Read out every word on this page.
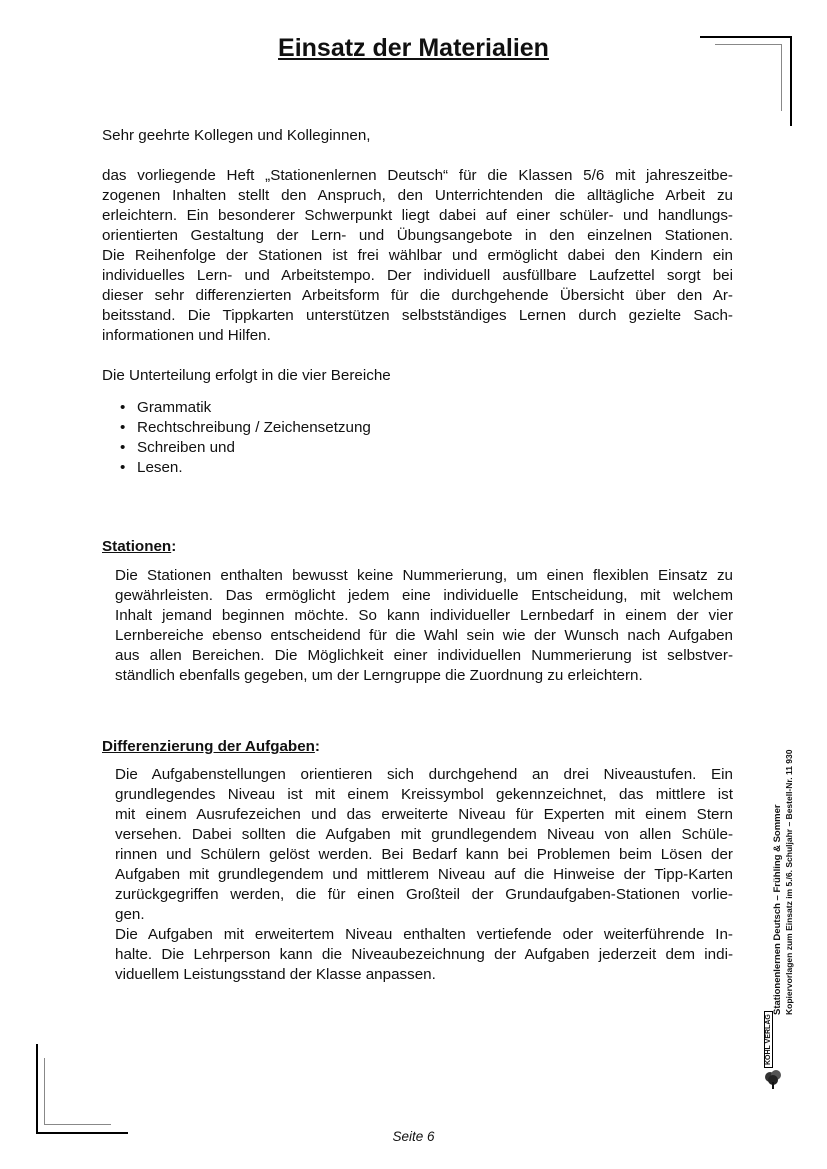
Einsatz der Materialien

Sehr geehrte Kollegen und Kolleginnen,

das vorliegende Heft „Stationenlernen Deutsch“ für die Klassen 5/6 mit jahreszeitbe-
zogenen Inhalten stellt den Anspruch, den Unterrichtenden die alltägliche Arbeit zu
erleichtern. Ein besonderer Schwerpunkt liegt dabei auf einer schüler- und handlungs-
orientierten Gestaltung der Lern- und Übungsangebote in den einzelnen Stationen.
Die Reihenfolge der Stationen ist frei wählbar und ermöglicht dabei den Kindern ein
individuelles Lern- und Arbeitstempo. Der individuell ausfüllbare Laufzettel sorgt bei
dieser sehr differenzierten Arbeitsform für die durchgehende Übersicht über den Ar-
beitsstand. Die Tippkarten unterstützen selbstständiges Lernen durch gezielte Sach-
informationen und Hilfen.

Die Unterteilung erfolgt in die vier Bereiche

• Grammatik
• Rechtschreibung / Zeichensetzung
• Schreiben und
• Lesen.

Stationen:

Die Stationen enthalten bewusst keine Nummerierung, um einen flexiblen Einsatz zu
gewährleisten. Das ermöglicht jedem eine individuelle Entscheidung, mit welchem
Inhalt jemand beginnen möchte. So kann individueller Lernbedarf in einem der vier
Lernbereiche ebenso entscheidend für die Wahl sein wie der Wunsch nach Aufgaben
aus allen Bereichen. Die Möglichkeit einer individuellen Nummerierung ist selbstver-
ständlich ebenfalls gegeben, um der Lerngruppe die Zuordnung zu erleichtern.

Differenzierung der Aufgaben:

Die Aufgabenstellungen orientieren sich durchgehend an drei Niveaustufen. Ein
grundlegendes Niveau ist mit einem Kreissymbol gekennzeichnet, das mittlere ist
mit einem Ausrufezeichen und das erweiterte Niveau für Experten mit einem Stern
versehen. Dabei sollten die Aufgaben mit grundlegendem Niveau von allen Schüle-
rinnen und Schülern gelöst werden. Bei Bedarf kann bei Problemen beim Lösen der
Aufgaben mit grundlegendem und mittlerem Niveau auf die Hinweise der Tipp-Karten
zurückgegriffen werden, die für einen Großteil der Grundaufgaben-Stationen vorlie-
gen.
Die Aufgaben mit erweitertem Niveau enthalten vertiefende oder weiterführende In-
halte. Die Lehrperson kann die Niveaubezeichnung der Aufgaben jederzeit dem indi-
viduellem Leistungsstand der Klasse anpassen.	Stationenlernen Deutsch – Frühling & Sommer Kopiervorlagen zum Einsatz im 5./6. Schuljahr – Bestell-Nr. 11 930
KOHL VERLAG
Seite 6
